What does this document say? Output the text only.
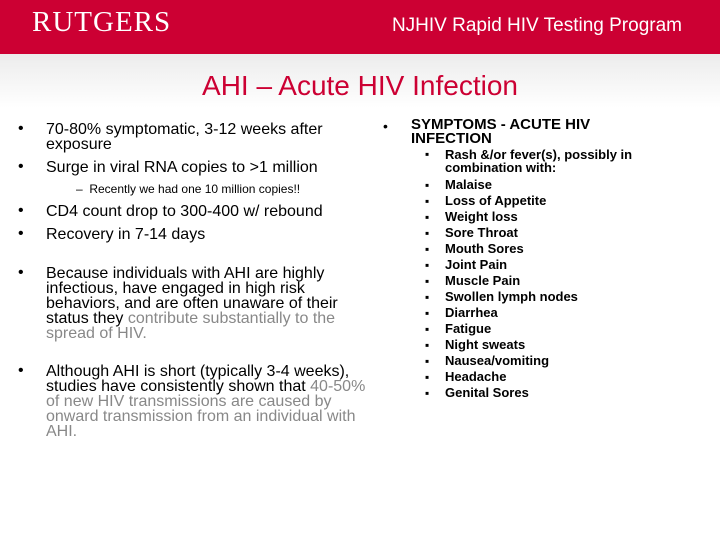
RUTGERS	NJHIV Rapid HIV Testing Program
AHI – Acute HIV Infection
• 70-80% symptomatic, 3-12 weeks after exposure
• Surge in viral RNA copies to >1 million
–  Recently we had one 10 million copies!!
• CD4 count drop to 300-400 w/ rebound
• Recovery in 7-14 days
• Because individuals with AHI are highly infectious, have engaged in high risk behaviors, and are often unaware of their status they contribute substantially to the spread of HIV.
• Although AHI is short (typically 3-4 weeks), studies have consistently shown that 40-50% of new HIV transmissions are caused by onward transmission from an individual with AHI.
• SYMPTOMS - ACUTE HIV INFECTION
▪ Rash &/or fever(s), possibly in combination with:
▪ Malaise
▪ Loss of Appetite
▪ Weight loss
▪ Sore Throat
▪ Mouth Sores
▪ Joint Pain
▪ Muscle Pain
▪ Swollen lymph nodes
▪ Diarrhea
▪ Fatigue
▪ Night sweats
▪ Nausea/vomiting
▪ Headache
▪ Genital Sores
